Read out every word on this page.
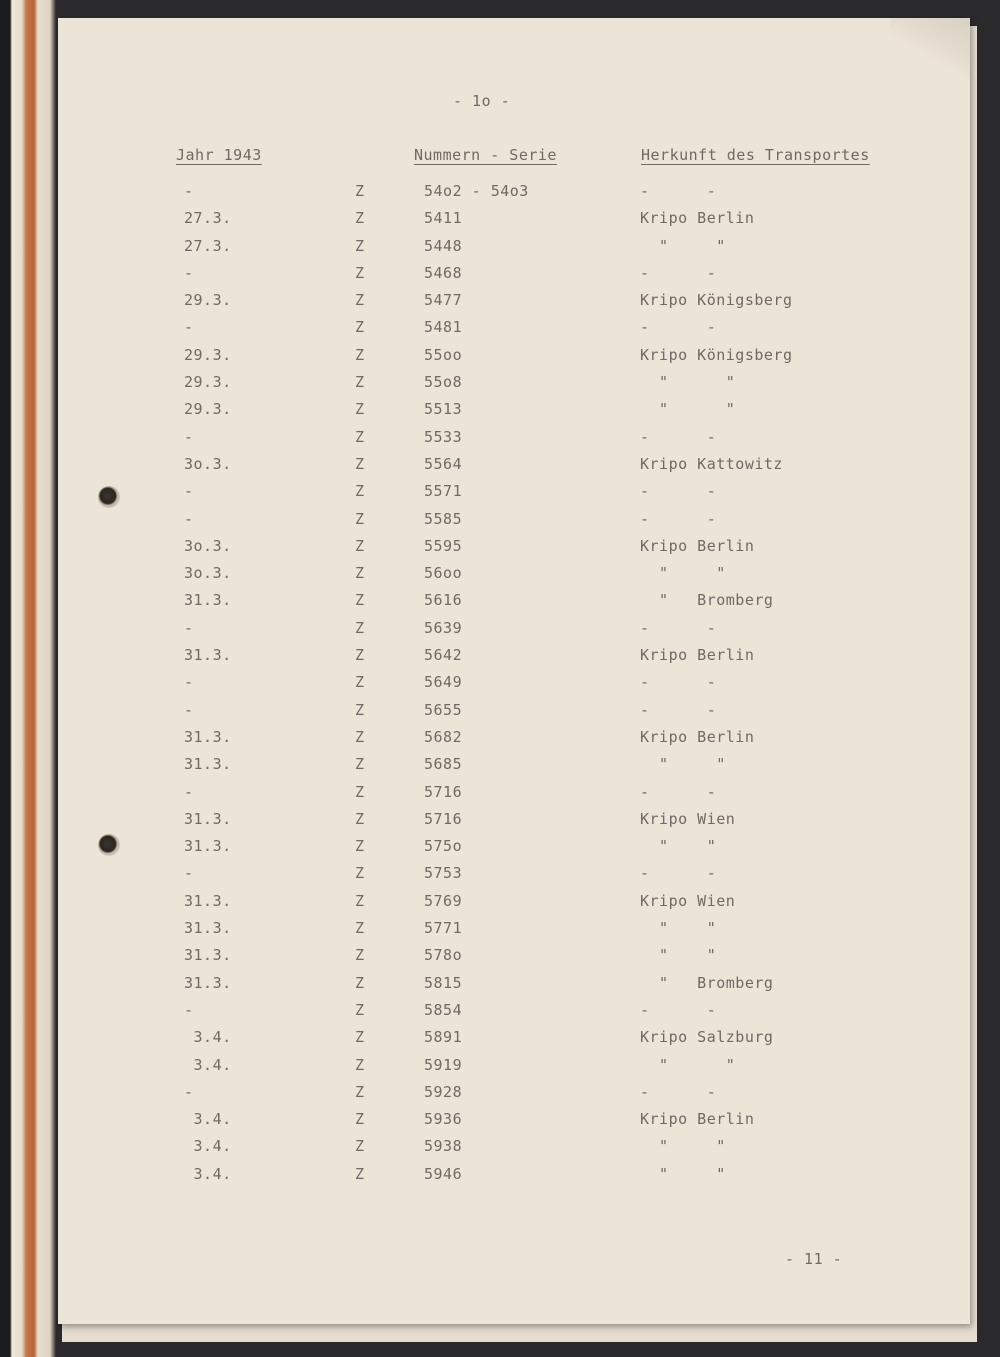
- 1o -
Jahr 1943	Nummern - Serie	Herkunft des Transportes
-	Z	54o2 - 54o3	-      -
27.3.	Z	5411	Kripo Berlin
27.3.	Z	5448	"     "
-	Z	5468	-      -
29.3.	Z	5477	Kripo Königsberg
-	Z	5481	-      -
29.3.	Z	55oo	Kripo Königsberg
29.3.	Z	55o8	"      "
29.3.	Z	5513	"      "
-	Z	5533	-      -
3o.3.	Z	5564	Kripo Kattowitz
-	Z	5571	-      -
-	Z	5585	-      -
3o.3.	Z	5595	Kripo Berlin
3o.3.	Z	56oo	"     "
31.3.	Z	5616	"   Bromberg
-	Z	5639	-      -
31.3.	Z	5642	Kripo Berlin
-	Z	5649	-      -
-	Z	5655	-      -
31.3.	Z	5682	Kripo Berlin
31.3.	Z	5685	"     "
-	Z	5716	-      -
31.3.	Z	5716	Kripo Wien
31.3.	Z	575o	"    "
-	Z	5753	-      -
31.3.	Z	5769	Kripo Wien
31.3.	Z	5771	"    "
31.3.	Z	578o	"    "
31.3.	Z	5815	"   Bromberg
-	Z	5854	-      -
3.4.	Z	5891	Kripo Salzburg
3.4.	Z	5919	"      "
-	Z	5928	-      -
3.4.	Z	5936	Kripo Berlin
3.4.	Z	5938	"     "
3.4.	Z	5946	"     "
- 11 -
